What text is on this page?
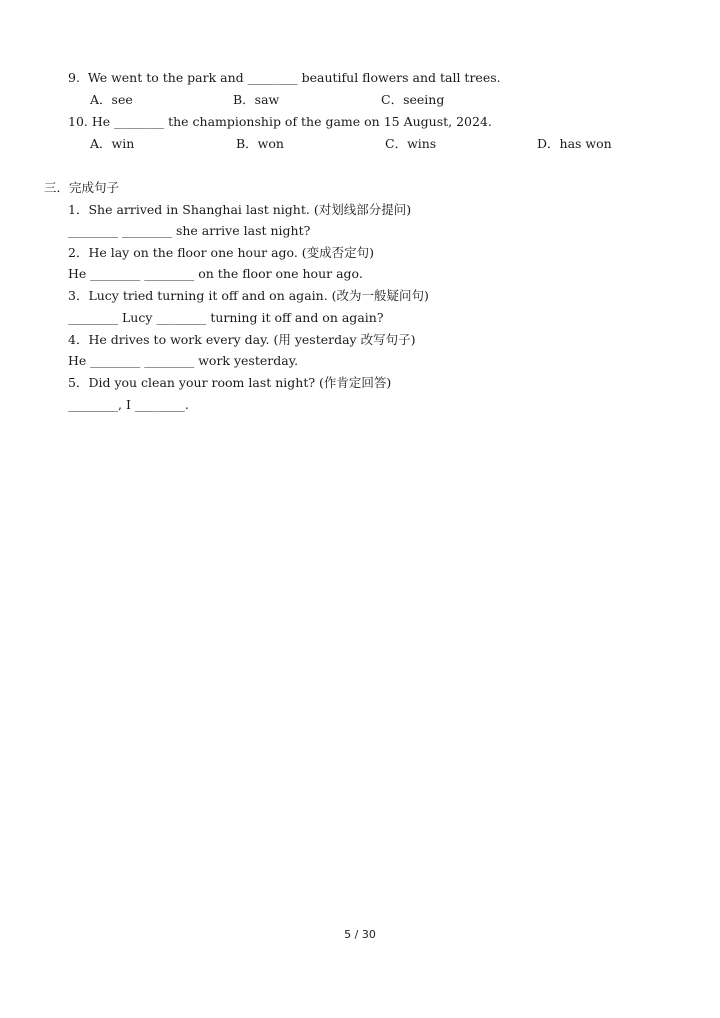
9.  We went to the park and ________ beautiful flowers and tall trees.
A．see	B．saw	C．seeing
10. He ________ the championship of the game on 15 August, 2024.
A．win	B．won	C．wins	D．has won
三．完成句子
1．She arrived in Shanghai last night. (对划线部分提问)
________ ________ she arrive last night?
2．He lay on the floor one hour ago. (变成否定句)
He ________ ________ on the floor one hour ago.
3．Lucy tried turning it off and on again. (改为一般疑问句)
________ Lucy ________ turning it off and on again?
4．He drives to work every day. (用 yesterday 改写句子)
He ________ ________ work yesterday.
5．Did you clean your room last night? (作肯定回答)
________, I ________.
5 / 30
